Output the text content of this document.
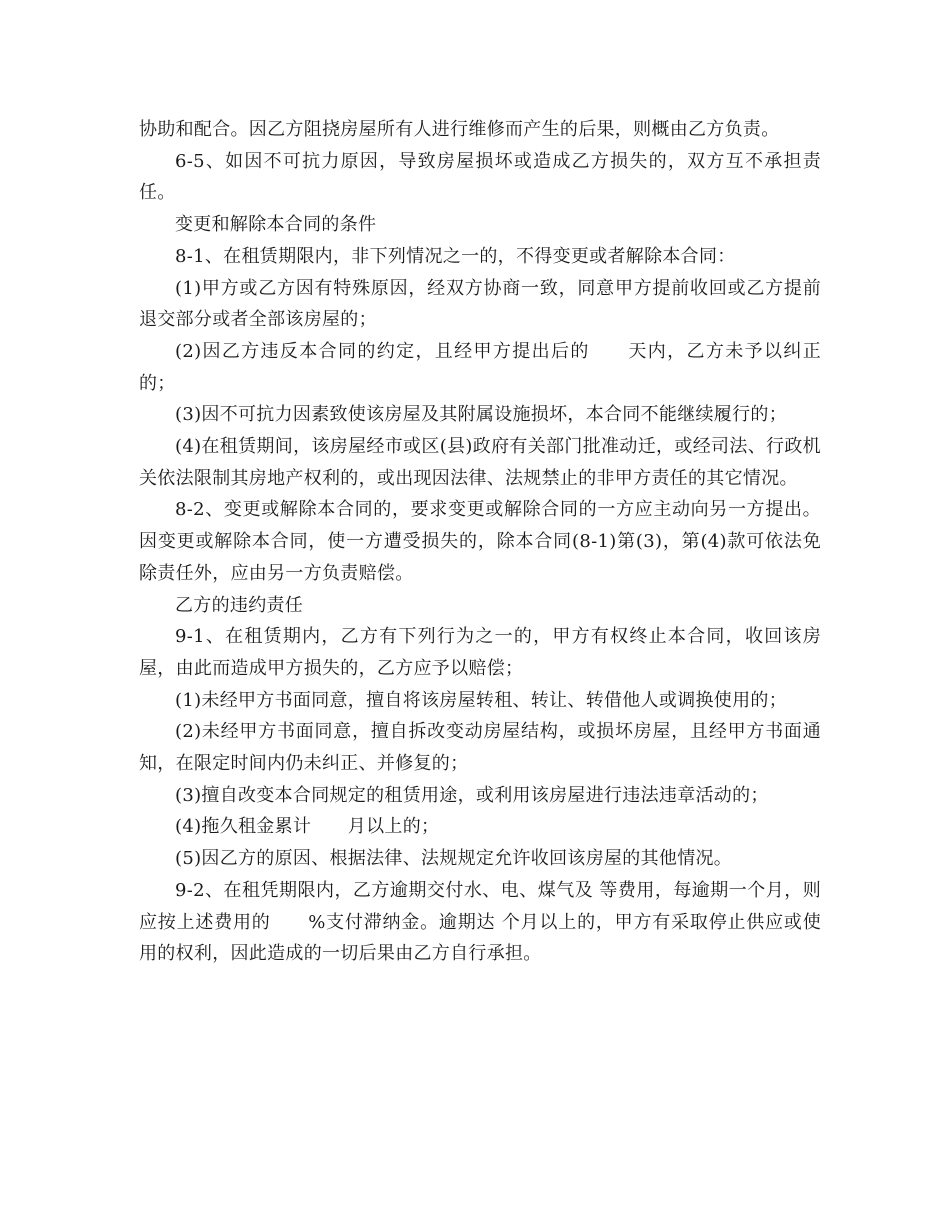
协助和配合。因乙方阻挠房屋所有人进行维修而产生的后果，则概由乙方负责。

6-5、如因不可抗力原因，导致房屋损坏或造成乙方损失的，双方互不承担责任。

变更和解除本合同的条件

8-1、在租赁期限内，非下列情况之一的，不得变更或者解除本合同：

(1)甲方或乙方因有特殊原因，经双方协商一致，同意甲方提前收回或乙方提前退交部分或者全部该房屋的；

(2)因乙方违反本合同的约定，且经甲方提出后的　　天内，乙方未予以纠正的；

(3)因不可抗力因素致使该房屋及其附属设施损坏，本合同不能继续履行的；

(4)在租赁期间，该房屋经市或区(县)政府有关部门批准动迁，或经司法、行政机关依法限制其房地产权利的，或出现因法律、法规禁止的非甲方责任的其它情况。

8-2、变更或解除本合同的，要求变更或解除合同的一方应主动向另一方提出。因变更或解除本合同，使一方遭受损失的，除本合同(8-1)第(3)，第(4)款可依法免除责任外，应由另一方负责赔偿。

乙方的违约责任

9-1、在租赁期内，乙方有下列行为之一的，甲方有权终止本合同，收回该房屋，由此而造成甲方损失的，乙方应予以赔偿；

(1)未经甲方书面同意，擅自将该房屋转租、转让、转借他人或调换使用的；

(2)未经甲方书面同意，擅自拆改变动房屋结构，或损坏房屋，且经甲方书面通知，在限定时间内仍未纠正、并修复的；

(3)擅自改变本合同规定的租赁用途，或利用该房屋进行违法违章活动的；

(4)拖久租金累计　　月以上的；

(5)因乙方的原因、根据法律、法规规定允许收回该房屋的其他情况。

9-2、在租凭期限内，乙方逾期交付水、电、煤气及 等费用，每逾期一个月，则应按上述费用的　　%支付滞纳金。逾期达 个月以上的，甲方有采取停止供应或使用的权利，因此造成的一切后果由乙方自行承担。
